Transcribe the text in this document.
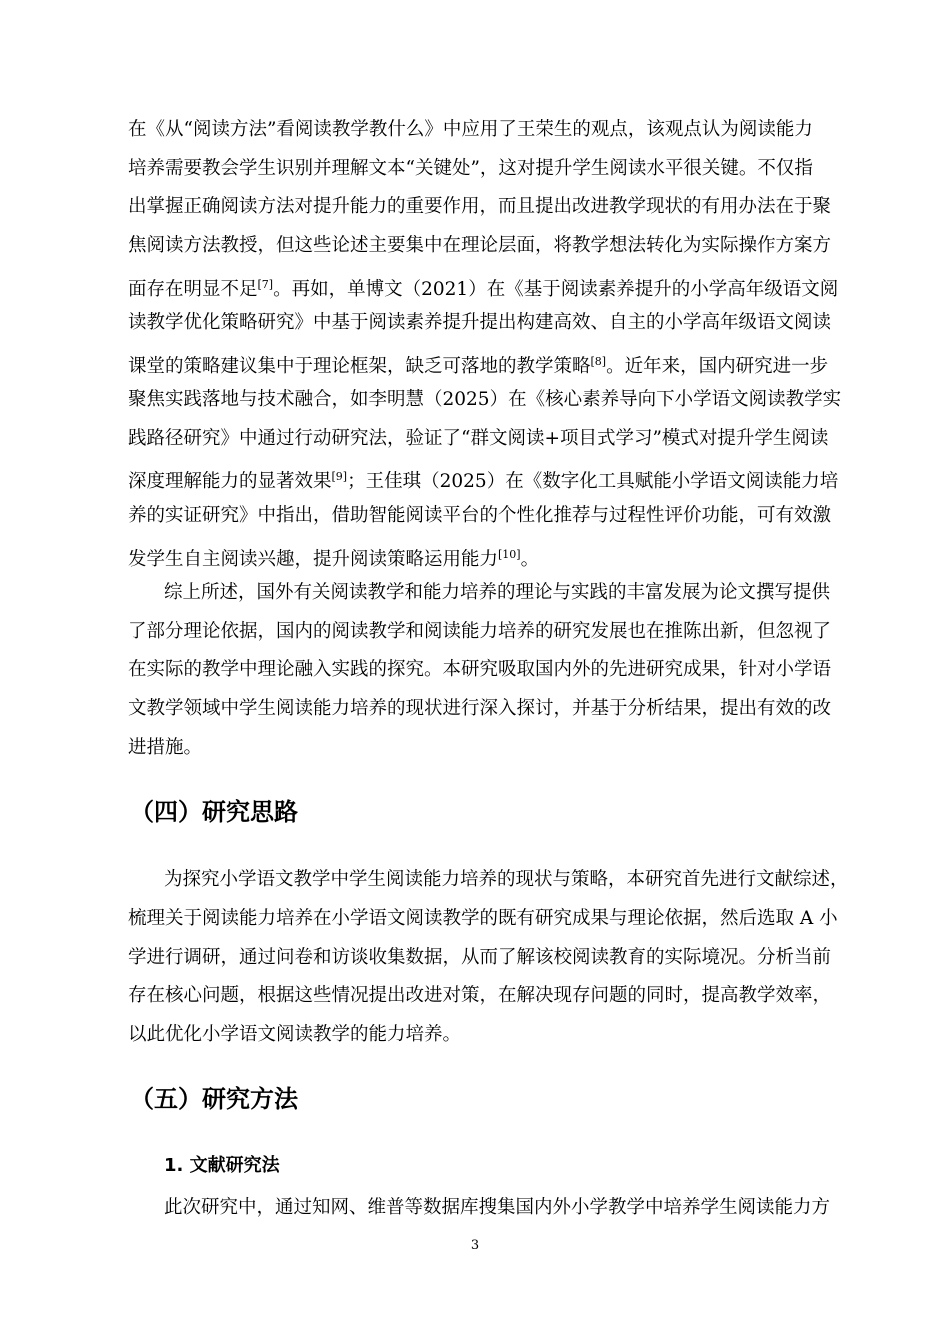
在《从“阅读方法”看阅读教学教什么》中应用了王荣生的观点，该观点认为阅读能力
培养需要教会学生识别并理解文本“关键处”，这对提升学生阅读水平很关键。不仅指
出掌握正确阅读方法对提升能力的重要作用，而且提出改进教学现状的有用办法在于聚
焦阅读方法教授，但这些论述主要集中在理论层面，将教学想法转化为实际操作方案方
面存在明显不足[7]。再如，单博文（2021）在《基于阅读素养提升的小学高年级语文阅
读教学优化策略研究》中基于阅读素养提升提出构建高效、自主的小学高年级语文阅读
课堂的策略建议集中于理论框架，缺乏可落地的教学策略[8]。近年来，国内研究进一步
聚焦实践落地与技术融合，如李明慧（2025）在《核心素养导向下小学语文阅读教学实
践路径研究》中通过行动研究法，验证了“群文阅读+项目式学习”模式对提升学生阅读
深度理解能力的显著效果[9]；王佳琪（2025）在《数字化工具赋能小学语文阅读能力培
养的实证研究》中指出，借助智能阅读平台的个性化推荐与过程性评价功能，可有效激
发学生自主阅读兴趣，提升阅读策略运用能力[10]。
综上所述，国外有关阅读教学和能力培养的理论与实践的丰富发展为论文撰写提供
了部分理论依据，国内的阅读教学和阅读能力培养的研究发展也在推陈出新，但忽视了
在实际的教学中理论融入实践的探究。本研究吸取国内外的先进研究成果，针对小学语
文教学领域中学生阅读能力培养的现状进行深入探讨，并基于分析结果，提出有效的改
进措施。
（四）研究思路
为探究小学语文教学中学生阅读能力培养的现状与策略，本研究首先进行文献综述，
梳理关于阅读能力培养在小学语文阅读教学的既有研究成果与理论依据，然后选取 A 小
学进行调研，通过问卷和访谈收集数据，从而了解该校阅读教育的实际境况。分析当前
存在核心问题，根据这些情况提出改进对策，在解决现存问题的同时，提高教学效率，
以此优化小学语文阅读教学的能力培养。
（五）研究方法
1. 文献研究法
此次研究中，通过知网、维普等数据库搜集国内外小学教学中培养学生阅读能力方
3
